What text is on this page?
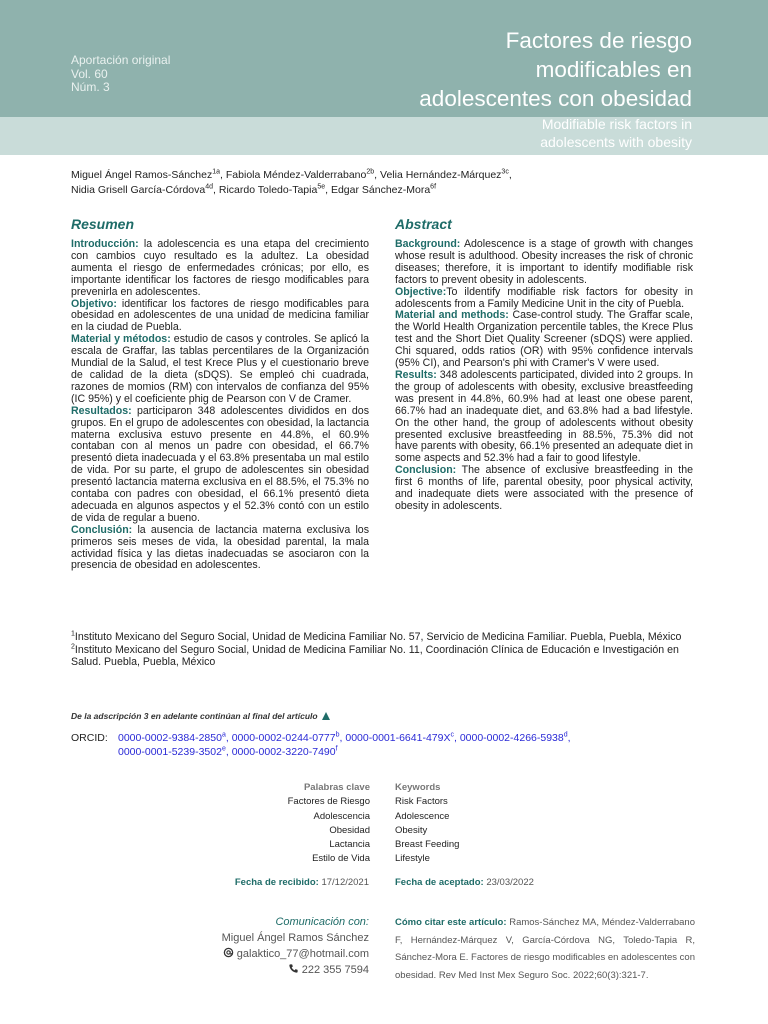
Aportación original
Vol. 60
Núm. 3
Factores de riesgo
modificables en
adolescentes con obesidad
Modifiable risk factors in
adolescents with obesity
Miguel Ángel Ramos-Sánchez$^{1a}$, Fabiola Méndez-Valderrabano$^{2b}$, Velia Hernández-Márquez$^{3c}$,
Nidia Grisell García-Córdova$^{4d}$, Ricardo Toledo-Tapia$^{5e}$, Edgar Sánchez-Mora$^{6f}$
Resumen

Introducción: la adolescencia es una etapa del crecimiento con cambios cuyo resultado es la adultez. La obesidad aumenta el riesgo de enfermedades crónicas; por ello, es importante identificar los factores de riesgo modificables para prevenirla en adolescentes.

Objetivo: identificar los factores de riesgo modificables para obesidad en adolescentes de una unidad de medicina familiar en la ciudad de Puebla.

Material y métodos: estudio de casos y controles. Se aplicó la escala de Graffar, las tablas percentilares de la Organización Mundial de la Salud, el test Krece Plus y el cuestionario breve de calidad de la dieta (sDQS). Se empleó chi cuadrada, razones de momios (RM) con intervalos de confianza del 95% (IC 95%) y el coeficiente phig de Pearson con V de Cramer.

Resultados: participaron 348 adolescentes divididos en dos grupos. En el grupo de adolescentes con obesidad, la lactancia materna exclusiva estuvo presente en 44.8%, el 60.9% contaban con al menos un padre con obesidad, el 66.7% presentó dieta inadecuada y el 63.8% presentaba un mal estilo de vida. Por su parte, el grupo de adolescentes sin obesidad presentó lactancia materna exclusiva en el 88.5%, el 75.3% no contaba con padres con obesidad, el 66.1% presentó dieta adecuada en algunos aspectos y el 52.3% contó con un estilo de vida de regular a bueno.

Conclusión: la ausencia de lactancia materna exclusiva los primeros seis meses de vida, la obesidad parental, la mala actividad física y las dietas inadecuadas se asociaron con la presencia de obesidad en adolescentes.

Abstract

Background: Adolescence is a stage of growth with changes whose result is adulthood. Obesity increases the risk of chronic diseases; therefore, it is important to identify modifiable risk factors to prevent obesity in adolescents.

Objective:To ildentify modifiable risk factors for obesity in adolescents from a Family Medicine Unit in the city of Puebla.

Material and methods: Case-control study. The Graffar scale, the World Health Organization percentile tables, the Krece Plus test and the Short Diet Quality Screener (sDQS) were applied. Chi squared, odds ratios (OR) with 95% confidence intervals (95% CI), and Pearson's phi with Cramer's V were used.

Results: 348 adolescents participated, divided into 2 groups. In the group of adolescents with obesity, exclusive breastfeeding was present in 44.8%, 60.9% had at least one obese parent, 66.7% had an inadequate diet, and 63.8% had a bad lifestyle. On the other hand, the group of adolescents without obesity presented exclusive breastfeeding in 88.5%, 75.3% did not have parents with obesity, 66.1% presented an adequate diet in some aspects and 52.3% had a fair to good lifestyle.

Conclusion: The absence of exclusive breastfeeding in the first 6 months of life, parental obesity, poor physical activity, and inadequate diets were associated with the presence of obesity in adolescents.

$^1$Instituto Mexicano del Seguro Social, Unidad de Medicina Familiar No. 57, Servicio de Medicina Familiar. Puebla, Puebla, México

$^2$Instituto Mexicano del Seguro Social, Unidad de Medicina Familiar No. 11, Coordinación Clínica de Educación e Investigación en Salud. Puebla, Puebla, México

De la adscripción 3 en adelante continúan al final del artículo
ORCID: 0000-0002-9384-2850$^a$, 0000-0002-0244-0777$^b$, $0000-0001-6641-479X^c$, 0000-0002-4266-5938$^d$,
0000-0001-5239-3502e, 0000-0002-3220-7490$^f$
Palabras clave
Factores de Riesgo
Adolescencia
Obesidad
Lactancia
Estilo de Vida
Keywords
Risk Factors
Adolescence
Obesity
Breast Feeding
Lifestyle
Fecha de recibido: 17/12/2021	Fecha de aceptado: 23/03/2022
Comunicación con:
Miguel Ángel Ramos Sánchez
galaktico_77@hotmail.com
222 355 7594
Cómo citar este artículo: Ramos-Sánchez MA, Méndez-Valderrabano F, Hernández-Márquez V, García-Córdova NG, Toledo-Tapia R, Sánchez-Mora E. Factores de riesgo modificables en adolescentes con obesidad. Rev Med Inst Mex Seguro Soc. 2022;60(3):321-7.
